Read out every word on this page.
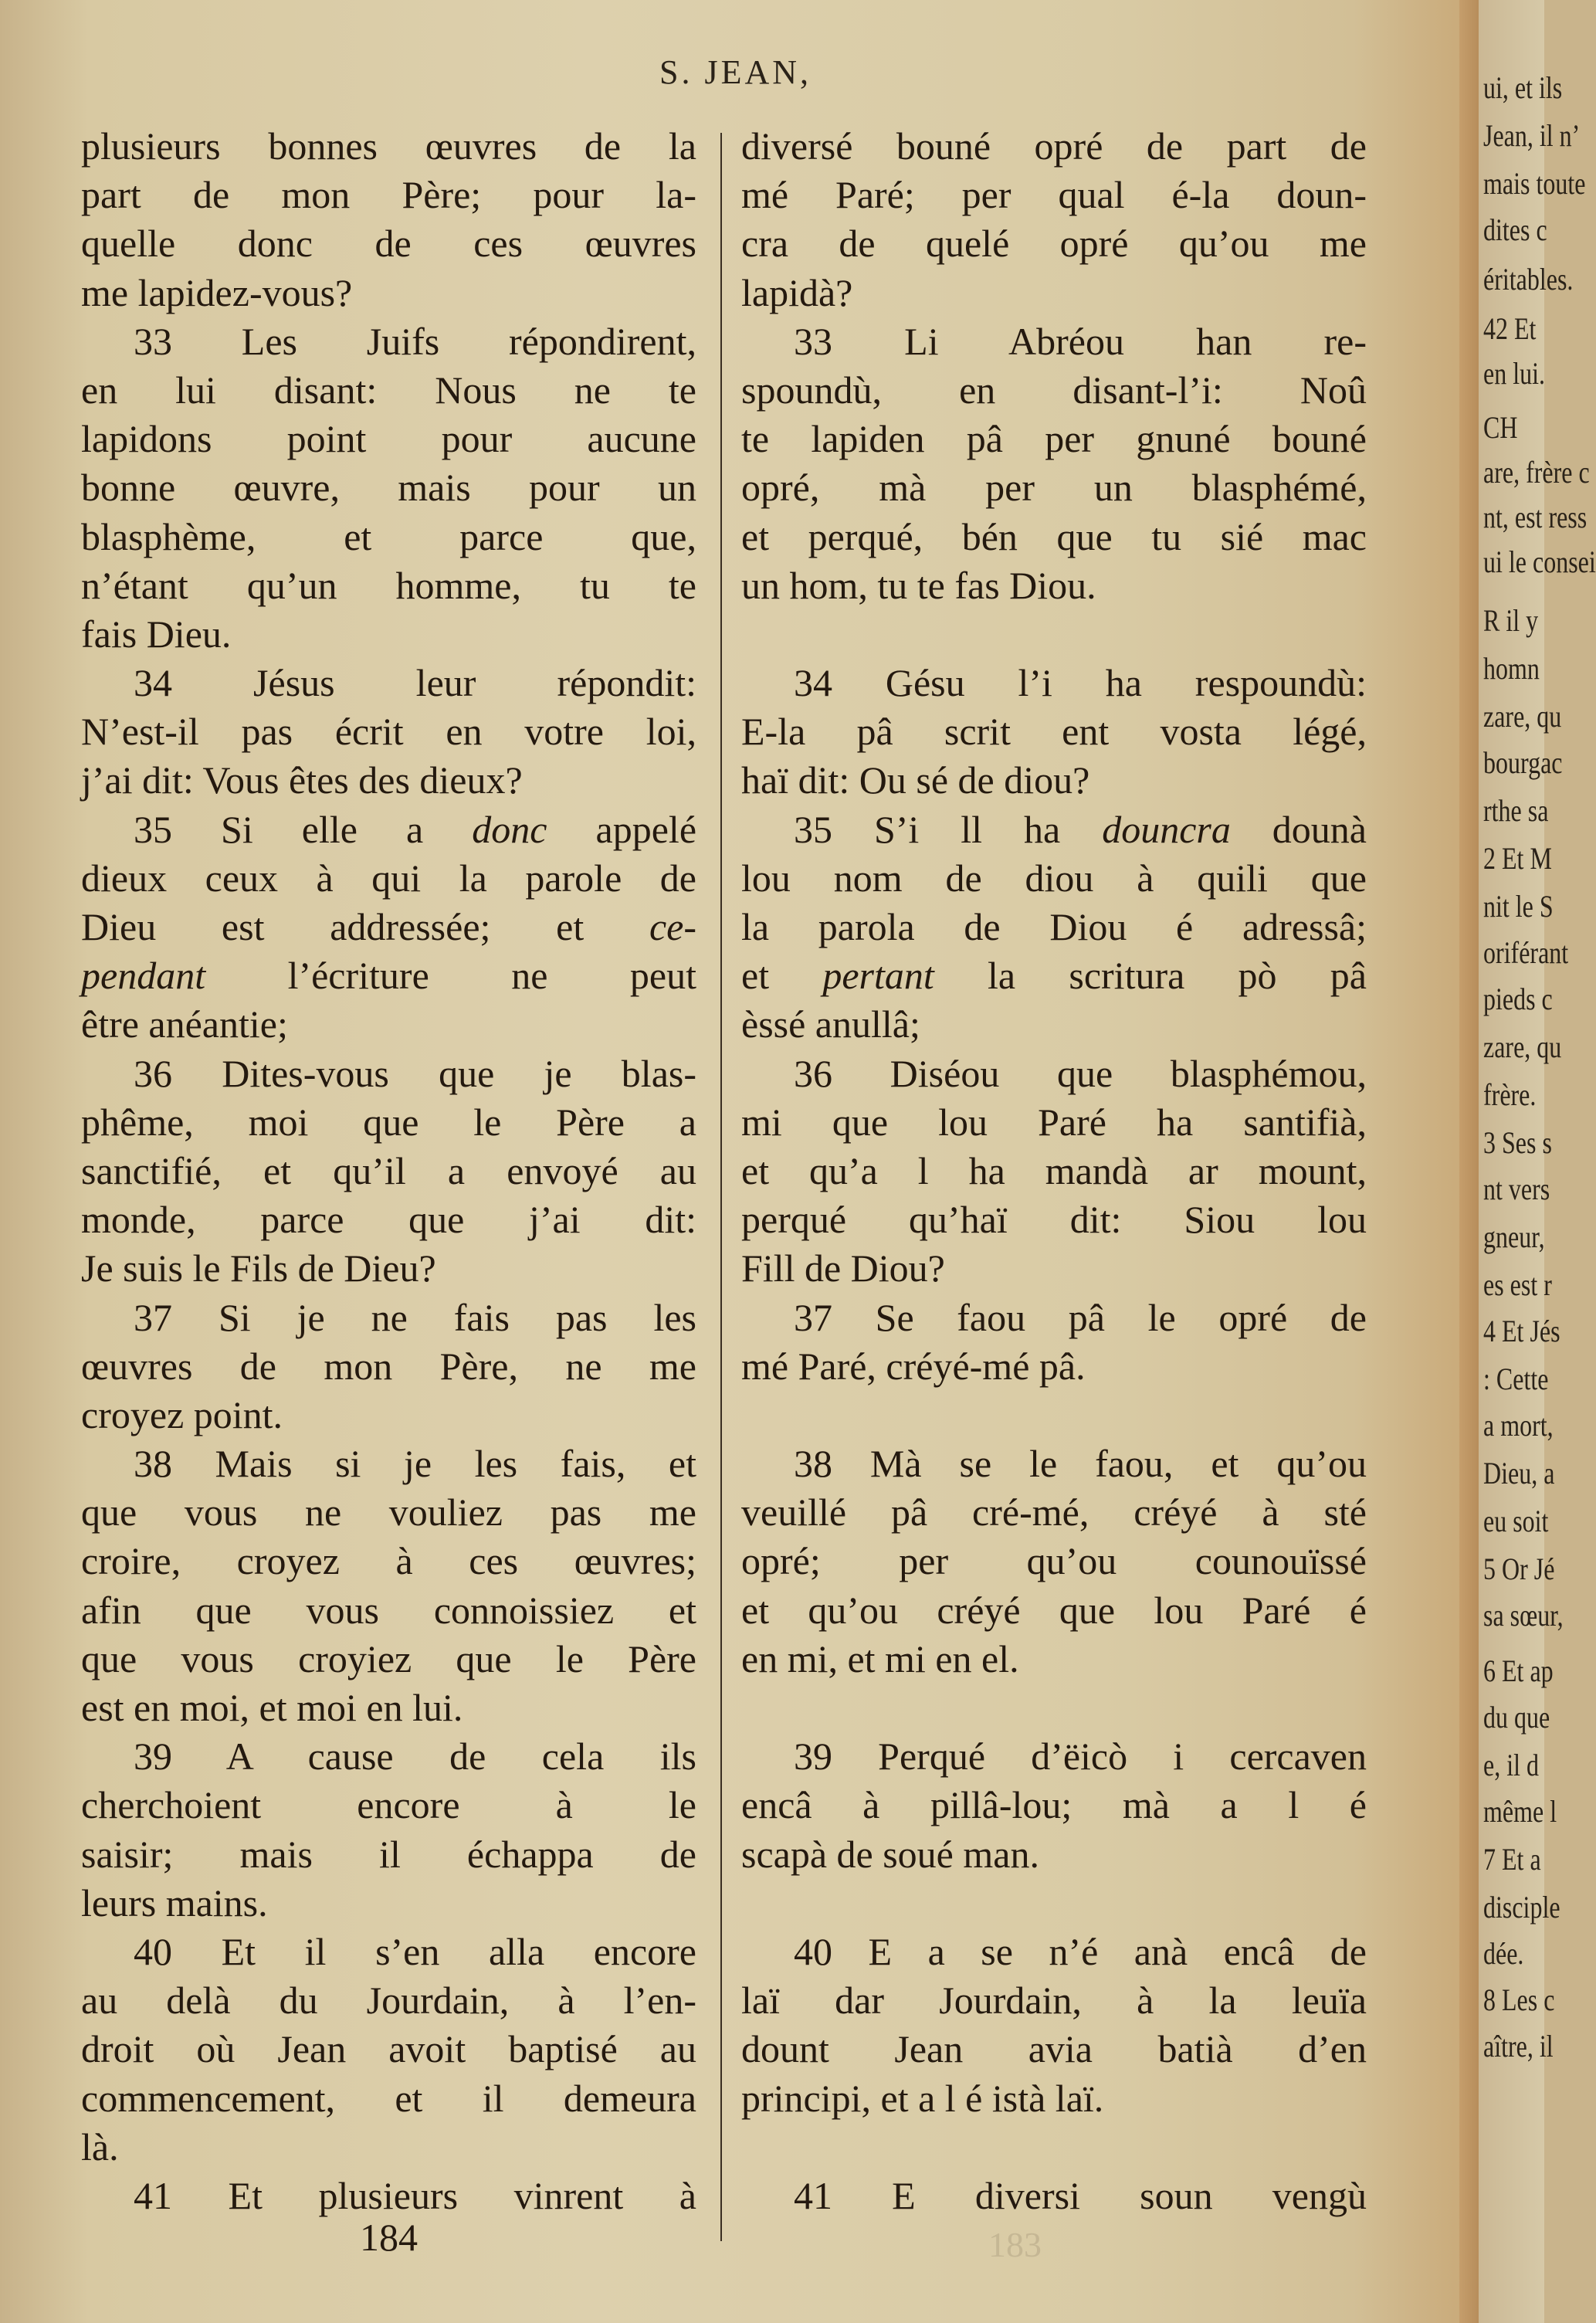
S. JEAN,
plusieurs bonnes œuvres de la
part de mon Père; pour la-
quelle donc de ces œuvres
me lapidez-vous?
33 Les Juifs répondirent,
en lui disant: Nous ne te
lapidons point pour aucune
bonne œuvre, mais pour un
blasphème, et parce que,
n’étant qu’un homme, tu te
fais Dieu.
34 Jésus leur répondit:
N’est-il pas écrit en votre loi,
j’ai dit: Vous êtes des dieux?
35 Si elle a donc appelé
dieux ceux à qui la parole de
Dieu est addressée; et ce-
pendant l’écriture ne peut
être anéantie;
36 Dites-vous que je blas-
phême, moi que le Père a
sanctifié, et qu’il a envoyé au
monde, parce que j’ai dit:
Je suis le Fils de Dieu?
37 Si je ne fais pas les
œuvres de mon Père, ne me
croyez point.
38 Mais si je les fais, et
que vous ne vouliez pas me
croire, croyez à ces œuvres;
afin que vous connoissiez et
que vous croyiez que le Père
est en moi, et moi en lui.
39 A cause de cela ils
cherchoient encore à le
saisir; mais il échappa de
leurs mains.
40 Et il s’en alla encore
au delà du Jourdain, à l’en-
droit où Jean avoit baptisé au
commencement, et il demeura
là.
41 Et plusieurs vinrent à
diversé bouné opré de part de
mé Paré; per qual é-la doun-
cra de quelé opré qu’ou me
lapidà?
33 Li Abréou han re-
spoundù, en disant-l’i: Noû
te lapiden pâ per gnuné bouné
opré, mà per un blasphémé,
et perqué, bén que tu sié mac
un hom, tu te fas Diou.

34 Gésu l’i ha respoundù:
E-la pâ scrit ent vosta légé,
haï dit: Ou sé de diou?
35 S’i ll ha douncra dounà
lou nom de diou à quili que
la parola de Diou é adressâ;
et pertant la scritura pò pâ
èssé anullâ;
36 Diséou que blasphémou,
mi que lou Paré ha santifià,
et qu’a l ha mandà ar mount,
perqué qu’haï dit: Siou lou
Fill de Diou?
37 Se faou pâ le opré de
mé Paré, créyé-mé pâ.

38 Mà se le faou, et qu’ou
veuillé pâ cré-mé, créyé à sté
opré; per qu’ou counouïssé
et qu’ou créyé que lou Paré é
en mi, et mi en el.

39 Perqué d’ëicò i cercaven
encâ à pillâ-lou; mà a l é
scapà de soué man.

40 E a se n’é anà encâ de
laï dar Jourdain, à la leuïa
dount Jean avia batià d’en
principi, et a l é istà laï.

41 E diversi soun vengù
184	183
ui, et ils
Jean, il n’
mais toute
dites c
éritables.
42 Et
en lui.
CH
are, frère c
nt, est ress
ui le consei
R il y
homn
zare, qu
bourgac
rthe sa
2 Et M
nit le S
oriférant
pieds c
zare, qu
frère.
3 Ses s
nt vers
gneur,
es est r
4 Et Jés
: Cette
a mort,
Dieu, a
eu soit
5 Or Jé
sa sœur,
6 Et ap
du que
e, il d
même l
7 Et a
disciple
dée.
8 Les c
aître, il
